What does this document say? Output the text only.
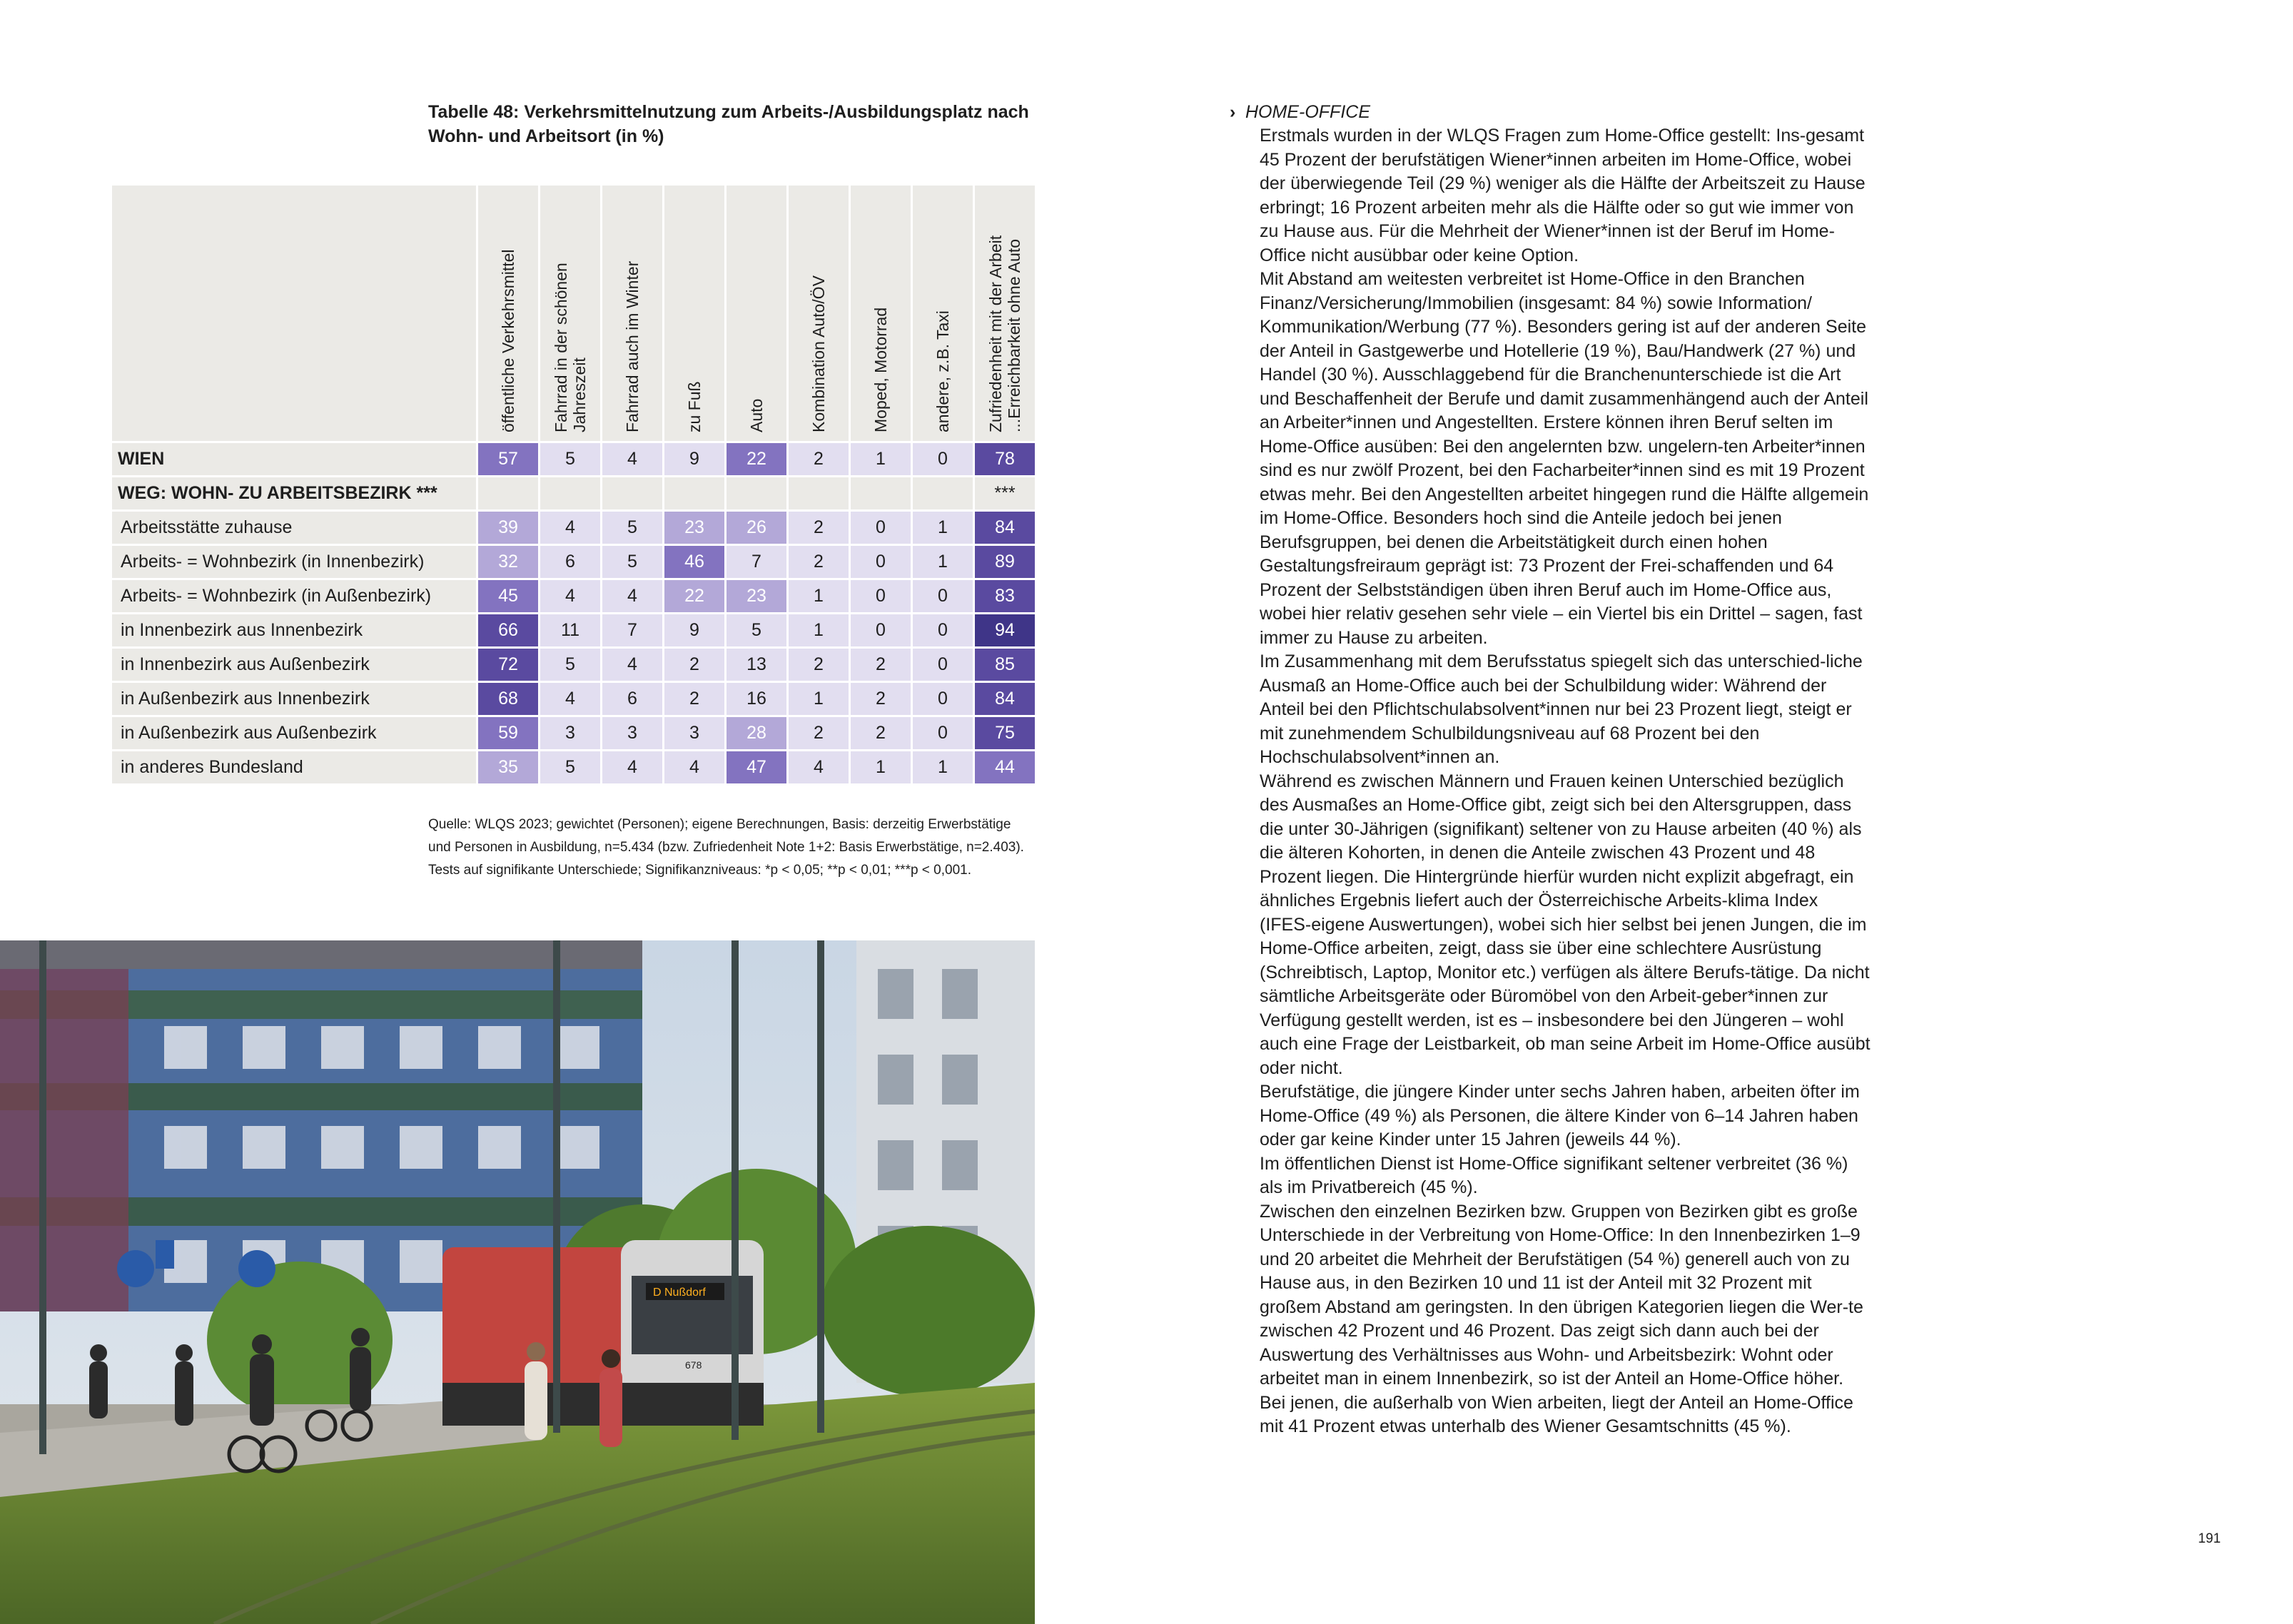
Tabelle 48: Verkehrsmittelnutzung zum Arbeits-/Ausbildungsplatz nach Wohn- und Arbeitsort (in %)

öffentliche Verkehrsmittel	Fahrrad in der schönen Jahreszeit	Fahrrad auch im Winter	zu Fuß	Auto	Kombination Auto/ÖV	Moped, Motorrad	andere, z.B. Taxi	Zufriedenheit mit der Arbeit ...Erreichbarkeit ohne Auto

WIEN	57	5	4	9	22	2	1	0	78
WEG: WOHN- ZU ARBEITSBEZIRK ***									***
Arbeitsstätte zuhause	39	4	5	23	26	2	0	1	84
Arbeits- = Wohnbezirk (in Innenbezirk)	32	6	5	46	7	2	0	1	89
Arbeits- = Wohnbezirk (in Außenbezirk)	45	4	4	22	23	1	0	0	83
in Innenbezirk aus Innenbezirk	66	11	7	9	5	1	0	0	94
in Innenbezirk aus Außenbezirk	72	5	4	2	13	2	2	0	85
in Außenbezirk aus Innenbezirk	68	4	6	2	16	1	2	0	84
in Außenbezirk aus Außenbezirk	59	3	3	3	28	2	2	0	75
in anderes Bundesland	35	5	4	4	47	4	1	1	44
Quelle: WLQS 2023; gewichtet (Personen); eigene Berechnungen, Basis: derzeitig Erwerbstätige und Personen in Ausbildung, n=5.434 (bzw. Zufriedenheit Note 1+2: Basis Erwerbstätige, n=2.403). Tests auf signifikante Unterschiede; Signifikanzniveaus: *p < 0,05; **p < 0,01; ***p < 0,001.
D Nußdorf
678
› HOME-OFFICE

Erstmals wurden in der WLQS Fragen zum Home-Office gestellt: Ins-gesamt 45 Prozent der berufstätigen Wiener*innen arbeiten im Home-Office, wobei der überwiegende Teil (29 %) weniger als die Hälfte der Arbeitszeit zu Hause erbringt; 16 Prozent arbeiten mehr als die Hälfte oder so gut wie immer von zu Hause aus. Für die Mehrheit der Wiener*innen ist der Beruf im Home-Office nicht ausübbar oder keine Option.

Mit Abstand am weitesten verbreitet ist Home-Office in den Branchen Finanz/Versicherung/Immobilien (insgesamt: 84 %) sowie Information/ Kommunikation/Werbung (77 %). Besonders gering ist auf der anderen Seite der Anteil in Gastgewerbe und Hotellerie (19 %), Bau/Handwerk (27 %) und Handel (30 %). Ausschlaggebend für die Branchenunterschiede ist die Art und Beschaffenheit der Berufe und damit zusammenhängend auch der Anteil an Arbeiter*innen und Angestellten. Erstere können ihren Beruf selten im Home-Office ausüben: Bei den angelernten bzw. ungelern-ten Arbeiter*innen sind es nur zwölf Prozent, bei den Facharbeiter*innen sind es mit 19 Prozent etwas mehr. Bei den Angestellten arbeitet hingegen rund die Hälfte allgemein im Home-Office. Besonders hoch sind die Anteile jedoch bei jenen Berufsgruppen, bei denen die Arbeitstätigkeit durch einen hohen Gestaltungsfreiraum geprägt ist: 73 Prozent der Frei-schaffenden und 64 Prozent der Selbstständigen üben ihren Beruf auch im Home-Office aus, wobei hier relativ gesehen sehr viele – ein Viertel bis ein Drittel – sagen, fast immer zu Hause zu arbeiten.

Im Zusammenhang mit dem Berufsstatus spiegelt sich das unterschied-liche Ausmaß an Home-Office auch bei der Schulbildung wider: Während der Anteil bei den Pflichtschulabsolvent*innen nur bei 23 Prozent liegt, steigt er mit zunehmendem Schulbildungsniveau auf 68 Prozent bei den Hochschulabsolvent*innen an.

Während es zwischen Männern und Frauen keinen Unterschied bezüglich des Ausmaßes an Home-Office gibt, zeigt sich bei den Altersgruppen, dass die unter 30-Jährigen (signifikant) seltener von zu Hause arbeiten (40 %) als die älteren Kohorten, in denen die Anteile zwischen 43 Prozent und 48 Prozent liegen. Die Hintergründe hierfür wurden nicht explizit abgefragt, ein ähnliches Ergebnis liefert auch der Österreichische Arbeits-klima Index (IFES-eigene Auswertungen), wobei sich hier selbst bei jenen Jungen, die im Home-Office arbeiten, zeigt, dass sie über eine schlechtere Ausrüstung (Schreibtisch, Laptop, Monitor etc.) verfügen als ältere Berufs-tätige. Da nicht sämtliche Arbeitsgeräte oder Büromöbel von den Arbeit-geber*innen zur Verfügung gestellt werden, ist es – insbesondere bei den Jüngeren – wohl auch eine Frage der Leistbarkeit, ob man seine Arbeit im Home-Office ausübt oder nicht.

Berufstätige, die jüngere Kinder unter sechs Jahren haben, arbeiten öfter im Home-Office (49 %) als Personen, die ältere Kinder von 6–14 Jahren haben oder gar keine Kinder unter 15 Jahren (jeweils 44 %).

Im öffentlichen Dienst ist Home-Office signifikant seltener verbreitet (36 %) als im Privatbereich (45 %).

Zwischen den einzelnen Bezirken bzw. Gruppen von Bezirken gibt es große Unterschiede in der Verbreitung von Home-Office: In den Innenbezirken 1–9 und 20 arbeitet die Mehrheit der Berufstätigen (54 %) generell auch von zu Hause aus, in den Bezirken 10 und 11 ist der Anteil mit 32 Prozent mit großem Abstand am geringsten. In den übrigen Kategorien liegen die Wer-te zwischen 42 Prozent und 46 Prozent. Das zeigt sich dann auch bei der Auswertung des Verhältnisses aus Wohn- und Arbeitsbezirk: Wohnt oder arbeitet man in einem Innenbezirk, so ist der Anteil an Home-Office höher. Bei jenen, die außerhalb von Wien arbeiten, liegt der Anteil an Home-Office mit 41 Prozent etwas unterhalb des Wiener Gesamtschnitts (45 %).

191
